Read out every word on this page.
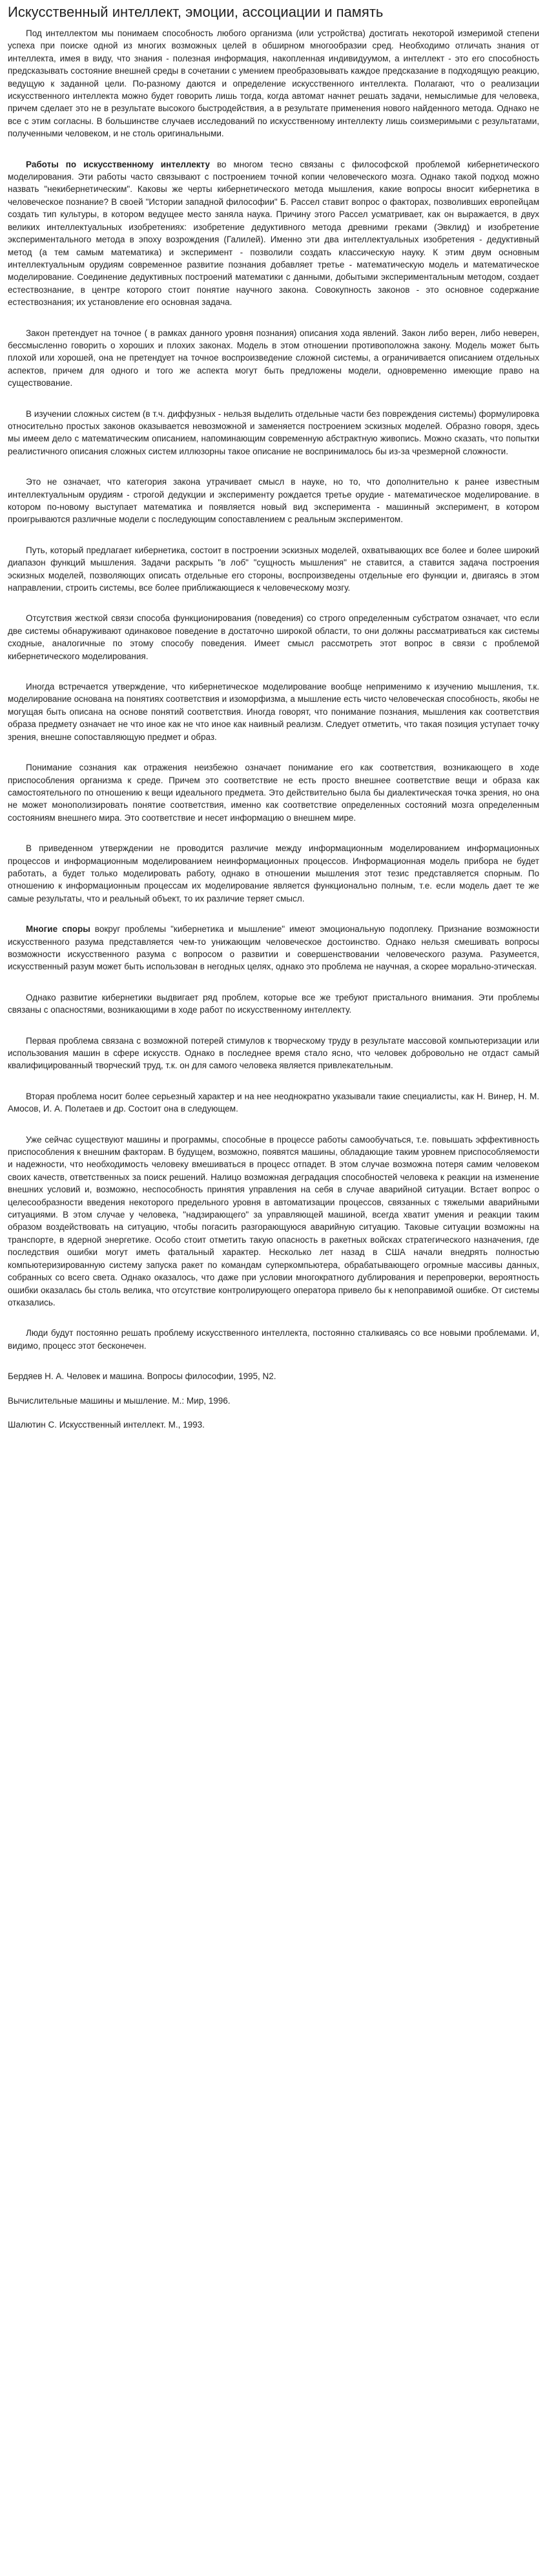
Искусственный интеллект, эмоции, ассоциации и память

Под интеллектом мы понимаем способность любого организма (или устройства) достигать некоторой измеримой степени успеха при поиске одной из многих возможных целей в обширном многообразии сред. Необходимо отличать знания от интеллекта, имея в виду, что знания - полезная информация, накопленная индивидуумом, а интеллект - это его способность предсказывать состояние внешней среды в сочетании с умением преобразовывать каждое предсказание в подходящую реакцию, ведущую к заданной цели. По-разному даются и определение искусственного интеллекта. Полагают, что о реализации искусственного интеллекта можно будет говорить лишь тогда, когда автомат начнет решать задачи, немыслимые для человека, причем сделает это не в результате высокого быстродействия, а в результате применения нового найденного метода. Однако не все с этим согласны. В большинстве случаев исследований по искусственному интеллекту лишь соизмеримыми с результатами, полученными человеком, и не столь оригинальными.

Работы по искусственному интеллекту во многом тесно связаны с философской проблемой кибернетического моделирования. Эти работы часто связывают с построением точной копии человеческого мозга. Однако такой подход можно назвать "некибернетическим". Каковы же черты кибернетического метода мышления, какие вопросы вносит кибернетика в человеческое познание? В своей "Истории западной философии" Б. Рассел ставит вопрос о факторах, позволивших европейцам создать тип культуры, в котором ведущее место заняла наука. Причину этого Рассел усматривает, как он выражается, в двух великих интеллектуальных изобретениях: изобретение дедуктивного метода древними греками (Эвклид) и изобретение экспериментального метода в эпоху возрождения (Галилей). Именно эти два интеллектуальных изобретения - дедуктивный метод (а тем самым математика) и эксперимент - позволили создать классическую науку. К этим двум основным интеллектуальным орудиям современное развитие познания добавляет третье - математическую модель и математическое моделирование. Соединение дедуктивных построений математики с данными, добытыми экспериментальным методом, создает естествознание, в центре которого стоит понятие научного закона. Совокупность законов - это основное содержание естествознания; их установление его основная задача.

Закон претендует на точное ( в рамках данного уровня познания) описания хода явлений. Закон либо верен, либо неверен, бессмысленно говорить о хороших и плохих законах. Модель в этом отношении противоположна закону. Модель может быть плохой или хорошей, она не претендует на точное воспроизведение сложной системы, а ограничивается описанием отдельных аспектов, причем для одного и того же аспекта могут быть предложены модели, одновременно имеющие право на существование.

В изучении сложных систем (в т.ч. диффузных - нельзя выделить отдельные части без повреждения системы) формулировка относительно простых законов оказывается невозможной и заменяется построением эскизных моделей. Образно говоря, здесь мы имеем дело с математическим описанием, напоминающим современную абстрактную живопись. Можно сказать, что попытки реалистичного описания сложных систем иллюзорны такое описание не воспринималось бы из-за чрезмерной сложности.

Это не означает, что категория закона утрачивает смысл в науке, но то, что дополнительно к ранее известным интеллектуальным орудиям - строгой дедукции и эксперименту рождается третье орудие - математическое моделирование. в котором по-новому выступает математика и появляется новый вид эксперимента - машинный эксперимент, в котором проигрываются различные модели с последующим сопоставлением с реальным экспериментом.

Путь, который предлагает кибернетика, состоит в построении эскизных моделей, охватывающих все более и более широкий диапазон функций мышления. Задачи раскрыть "в лоб" "сущность мышления" не ставится, а ставится задача построения эскизных моделей, позволяющих описать отдельные его стороны, воспроизведены отдельные его функции и, двигаясь в этом направлении, строить системы, все более приближающиеся к человеческому мозгу.

Отсутствия жесткой связи способа функционирования (поведения) со строго определенным субстратом означает, что если две системы обнаруживают одинаковое поведение в достаточно широкой области, то они должны рассматриваться как системы сходные, аналогичные по этому способу поведения. Имеет смысл рассмотреть этот вопрос в связи с проблемой кибернетического моделирования.

Иногда встречается утверждение, что кибернетическое моделирование вообще неприменимо к изучению мышления, т.к. моделирование основана на понятиях соответствия и изоморфизма, а мышление есть чисто человеческая способность, якобы не могущая быть описана на основе понятий соответствия. Иногда говорят, что понимание познания, мышления как соответствия образа предмету означает не что иное как не что иное как наивный реализм. Следует отметить, что такая позиция уступает точку зрения, внешне сопоставляющую предмет и образ.

Понимание сознания как отражения неизбежно означает понимание его как соответствия, возникающего в ходе приспособления организма к среде. Причем это соответствие не есть просто внешнее соответствие вещи и образа как самостоятельного по отношению к вещи идеального предмета. Это действительно была бы диалектическая точка зрения, но она не может монополизировать понятие соответствия, именно как соответствие определенных состояний мозга определенным состояниям внешнего мира. Это соответствие и несет информацию о внешнем мире.

В приведенном утверждении не проводится различие между информационным моделированием информационных процессов и информационным моделированием неинформационных процессов. Информационная модель прибора не будет работать, а будет только моделировать работу, однако в отношении мышления этот тезис представляется спорным. По отношению к информационным процессам их моделирование является функционально полным, т.е. если модель дает те же самые результаты, что и реальный объект, то их различие теряет смысл.

Многие споры вокруг проблемы "кибернетика и мышление" имеют эмоциональную подоплеку. Признание возможности искусственного разума представляется чем-то унижающим человеческое достоинство. Однако нельзя смешивать вопросы возможности искусственного разума с вопросом о развитии и совершенствовании человеческого разума. Разумеется, искусственный разум может быть использован в негодных целях, однако это проблема не научная, а скорее морально-этическая.

Однако развитие кибернетики выдвигает ряд проблем, которые все же требуют пристального внимания. Эти проблемы связаны с опасностями, возникающими в ходе работ по искусственному интеллекту.

Первая проблема связана с возможной потерей стимулов к творческому труду в результате массовой компьютеризации или использования машин в сфере искусств. Однако в последнее время стало ясно, что человек добровольно не отдаст самый квалифицированный творческий труд, т.к. он для самого человека является привлекательным.

Вторая проблема носит более серьезный характер и на нее неоднократно указывали такие специалисты, как Н. Винер, Н. М. Амосов, И. А. Полетаев и др. Состоит она в следующем.

Уже сейчас существуют машины и программы, способные в процессе работы самообучаться, т.е. повышать эффективность приспособления к внешним факторам. В будущем, возможно, появятся машины, обладающие таким уровнем приспособляемости и надежности, что необходимость человеку вмешиваться в процесс отпадет. В этом случае возможна потеря самим человеком своих качеств, ответственных за поиск решений. Налицо возможная деградация способностей человека к реакции на изменение внешних условий и, возможно, неспособность принятия управления на себя в случае аварийной ситуации. Встает вопрос о целесообразности введения некоторого предельного уровня в автоматизации процессов, связанных с тяжелыми аварийными ситуациями. В этом случае у человека, "надзирающего" за управляющей машиной, всегда хватит умения и реакции таким образом воздействовать на ситуацию, чтобы погасить разгорающуюся аварийную ситуацию. Таковые ситуации возможны на транспорте, в ядерной энергетике. Особо стоит отметить такую опасность в ракетных войсках стратегического назначения, где последствия ошибки могут иметь фатальный характер. Несколько лет назад в США начали внедрять полностью компьютеризированную систему запуска ракет по командам суперкомпьютера, обрабатывающего огромные массивы данных, собранных со всего света. Однако оказалось, что даже при условии многократного дублирования и перепроверки, вероятность ошибки оказалась бы столь велика, что отсутствие контролирующего оператора привело бы к непоправимой ошибке. От системы отказались.

Люди будут постоянно решать проблему искусственного интеллекта, постоянно сталкиваясь со все новыми проблемами. И, видимо, процесс этот бесконечен.

Бердяев Н. А. Человек и машина. Вопросы философии, 1995, N2.

Вычислительные машины и мышление. М.: Мир, 1996.

Шалютин С. Искусственный интеллект. М., 1993.
